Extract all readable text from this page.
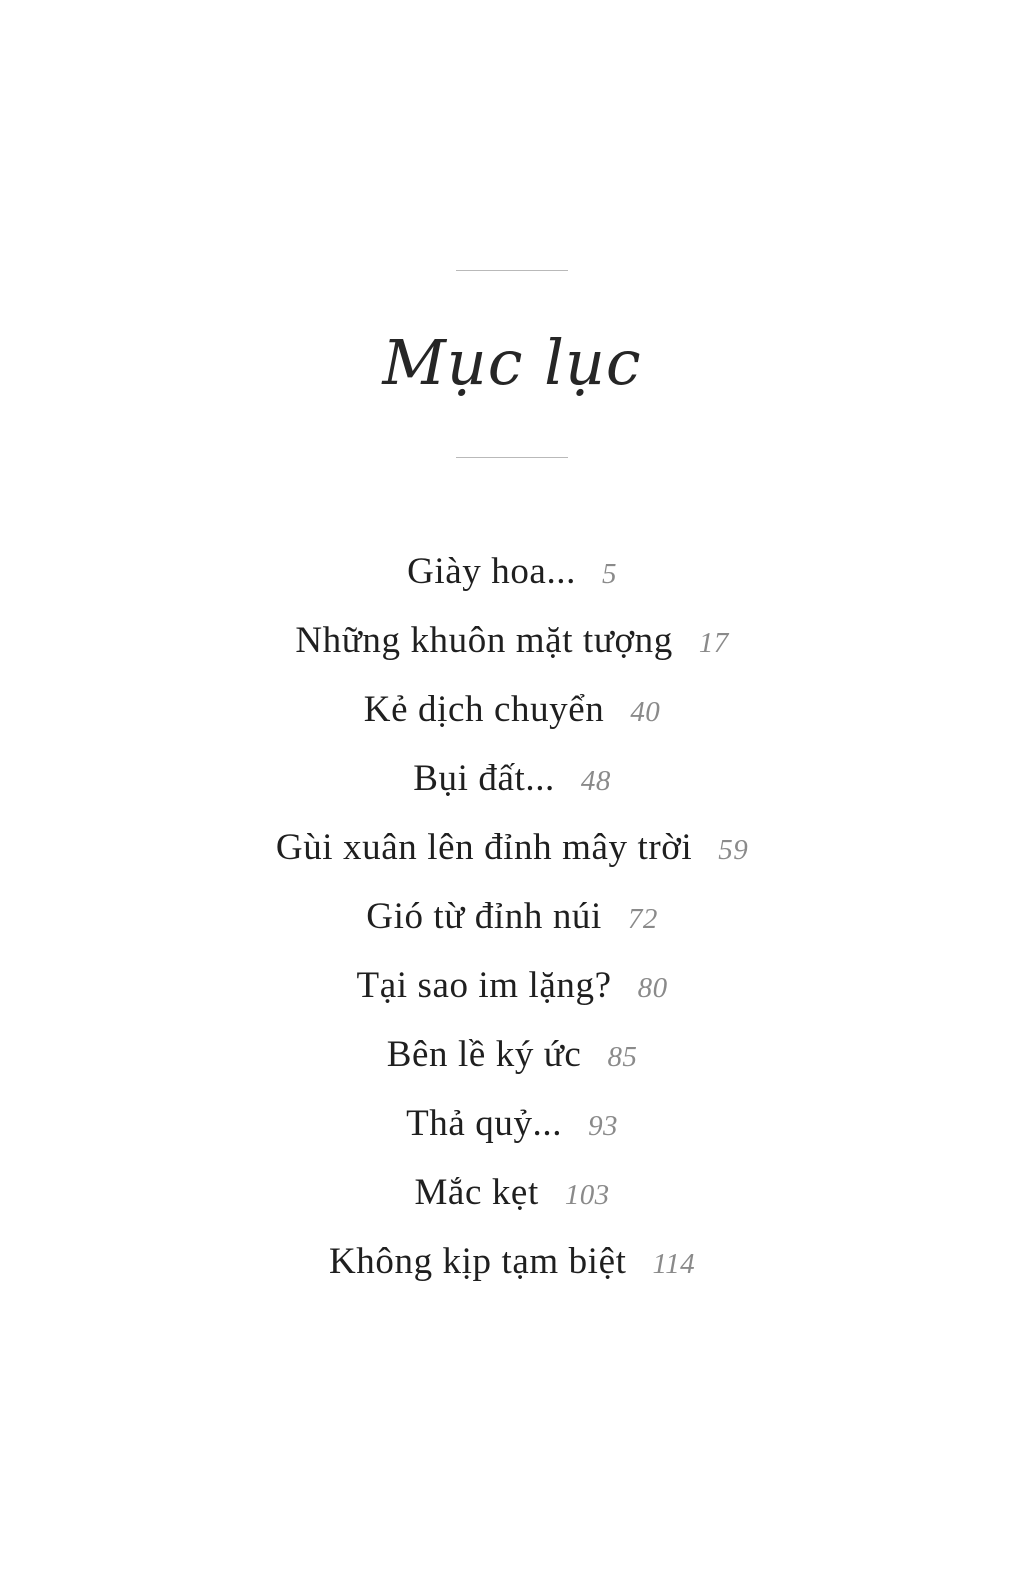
Mục lục
Giày hoa... 5
Những khuôn mặt tượng 17
Kẻ dịch chuyển 40
Bụi đất... 48
Gùi xuân lên đỉnh mây trời 59
Gió từ đỉnh núi 72
Tại sao im lặng? 80
Bên lề ký ức 85
Thả quỷ... 93
Mắc kẹt 103
Không kịp tạm biệt 114
